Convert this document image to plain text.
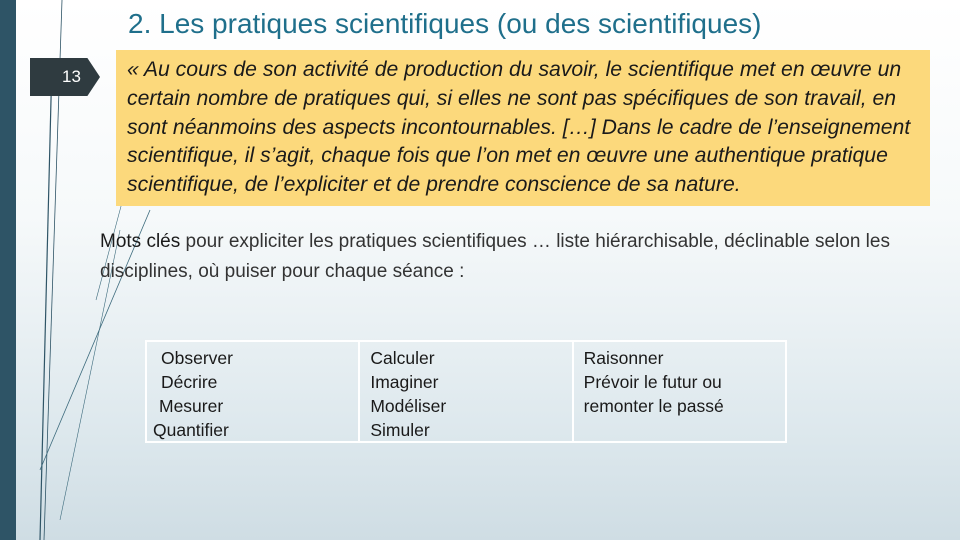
13
2. Les pratiques scientifiques (ou des scientifiques)
« Au cours de son activité de production du savoir, le scientifique met en œuvre un certain nombre de pratiques qui, si elles ne sont pas spécifiques de son travail, en sont néanmoins des aspects incontournables. […] Dans le cadre de l’enseignement scientifique, il s’agit, chaque fois que l’on met en œuvre une authentique pratique scientifique, de l’expliciter et de prendre conscience de sa nature.
Mots clés pour expliciter les pratiques scientifiques … liste hiérarchisable, déclinable selon les disciplines, où puiser pour chaque séance :
Observer
Décrire
Mesurer
Quantifier
Calculer
Imaginer
Modéliser
Simuler
Raisonner
Prévoir le futur ou
remonter le passé
